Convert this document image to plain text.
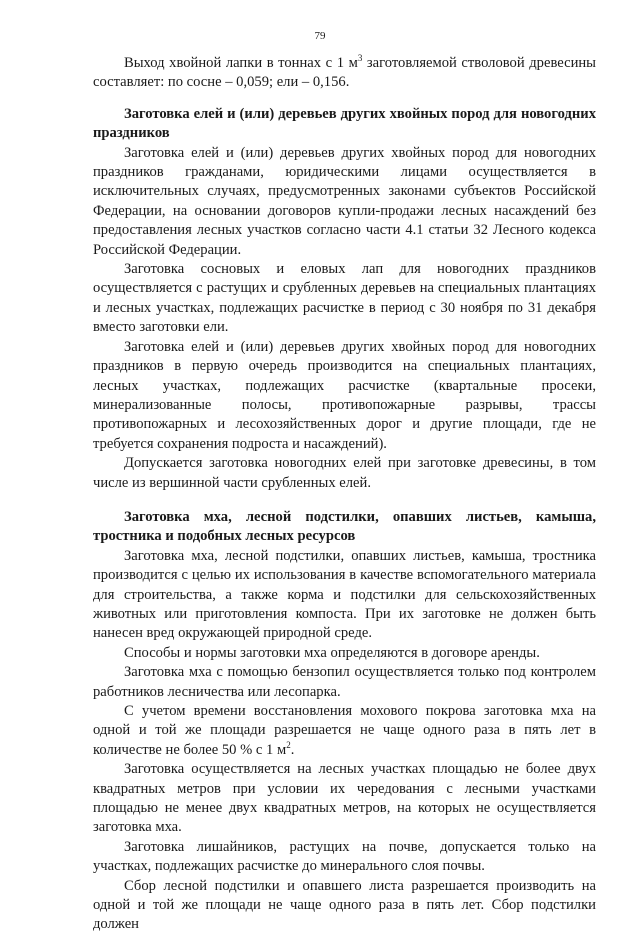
79

Выход хвойной лапки в тоннах с 1 $м^3$ заготовляемой стволовой древесины составляет: по сосне – 0,059; ели – 0,156.

Заготовка елей и (или) деревьев других хвойных пород для новогодних праздников

Заготовка елей и (или) деревьев других хвойных пород для новогодних праздников гражданами, юридическими лицами осуществляется в исключительных случаях, предусмотренных законами субъектов Российской Федерации, на основании договоров купли-продажи лесных насаждений без предоставления лесных участков согласно части 4.1 статьи 32 Лесного кодекса Российской Федерации.

Заготовка сосновых и еловых лап для новогодних праздников осуществляется с растущих и срубленных деревьев на специальных плантациях и лесных участках, подлежащих расчистке в период с 30 ноября по 31 декабря вместо заготовки ели.

Заготовка елей и (или) деревьев других хвойных пород для новогодних праздников в первую очередь производится на специальных плантациях, лесных участках, подлежащих расчистке (квартальные просеки, минерализованные полосы, противопожарные разрывы, трассы противопожарных и лесохозяйственных дорог и другие площади, где не требуется сохранения подроста и насаждений).

Допускается заготовка новогодних елей при заготовке древесины, в том числе из вершинной части срубленных елей.

Заготовка мха, лесной подстилки, опавших листьев, камыша, тростника и подобных лесных ресурсов

Заготовка мха, лесной подстилки, опавших листьев, камыша, тростника производится с целью их использования в качестве вспомогательного материала для строительства, а также корма и подстилки для сельскохозяйственных животных или приготовления компоста. При их заготовке не должен быть нанесен вред окружающей природной среде.

Способы и нормы заготовки мха определяются в договоре аренды.

Заготовка мха с помощью бензопил осуществляется только под контролем работников лесничества или лесопарка.

С учетом времени восстановления мохового покрова заготовка мха на одной и той же площади разрешается не чаще одного раза в пять лет в количестве не более 50 % с 1 $м^2$.

Заготовка осуществляется на лесных участках площадью не более двух квадратных метров при условии их чередования с лесными участками площадью не менее двух квадратных метров, на которых не осуществляется заготовка мха.

Заготовка лишайников, растущих на почве, допускается только на участках, подлежащих расчистке до минерального слоя почвы.

Сбор лесной подстилки и опавшего листа разрешается производить на одной и той же площади не чаще одного раза в пять лет. Сбор подстилки должен
